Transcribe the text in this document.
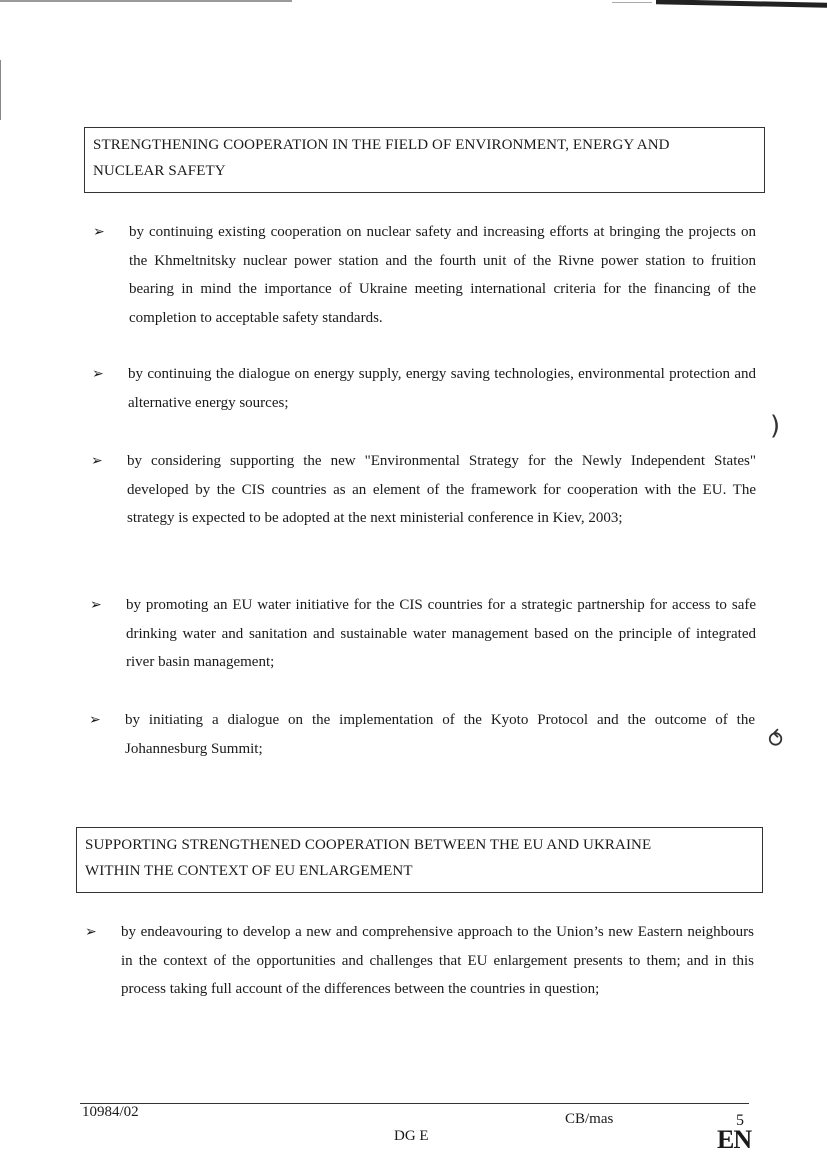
STRENGTHENING COOPERATION IN THE FIELD OF ENVIRONMENT, ENERGY AND
NUCLEAR SAFETY
➢ by continuing existing cooperation on nuclear safety and increasing efforts at bringing the projects on the Khmeltnitsky nuclear power station and the fourth unit of the Rivne power station to fruition bearing in mind the importance of Ukraine meeting international criteria for the financing of the completion to acceptable safety standards.
➢ by continuing the dialogue on energy supply, energy saving technologies, environmental protection and alternative energy sources;
➢ by considering supporting the new "Environmental Strategy for the Newly Independent States" developed by the CIS countries as an element of the framework for cooperation with the EU. The strategy is expected to be adopted at the next ministerial conference in Kiev, 2003;
➢ by promoting an EU water initiative for the CIS countries for a strategic partnership for access to safe drinking water and sanitation and sustainable water management based on the principle of integrated river basin management;
➢ by initiating a dialogue on the implementation of the Kyoto Protocol and the outcome of the Johannesburg Summit;
)
⥀
SUPPORTING STRENGTHENED COOPERATION BETWEEN THE EU AND UKRAINE
WITHIN THE CONTEXT OF EU ENLARGEMENT
➢ by endeavouring to develop a new and comprehensive approach to the Union’s new Eastern neighbours in the context of the opportunities and challenges that EU enlargement presents to them; and in this process taking full account of the differences between the countries in question;
10984/02	CB/mas	5
DG E	EN
